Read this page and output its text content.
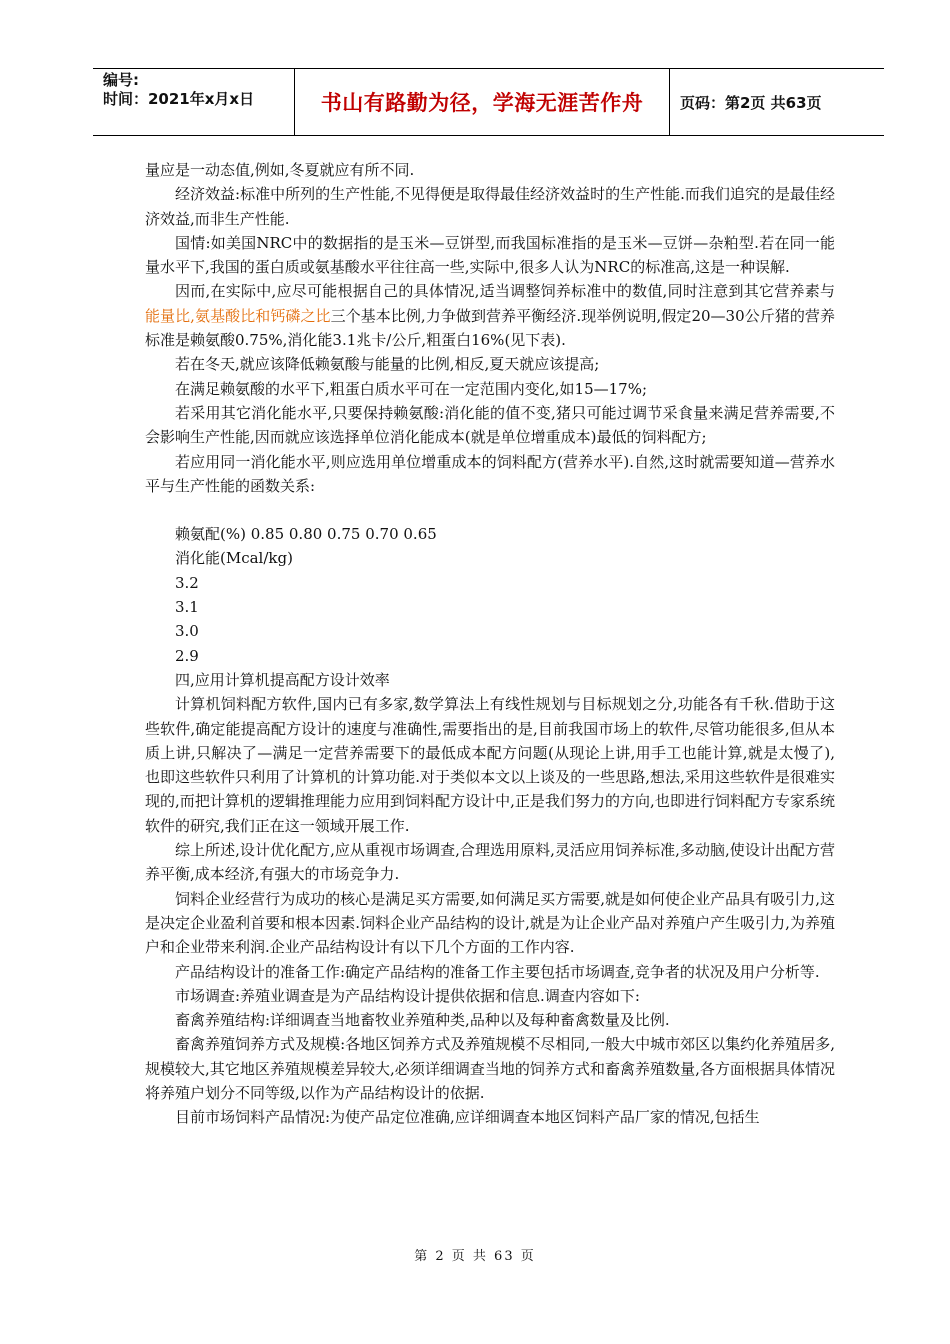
编号:
时间：2021年x月x日	书山有路勤为径，学海无涯苦作舟	页码：第2页 共63页

量应是一动态值,例如,冬夏就应有所不同.

经济效益:标准中所列的生产性能,不见得便是取得最佳经济效益时的生产性能.而我们追究的是最佳经济效益,而非生产性能.

国情:如美国NRC中的数据指的是玉米—豆饼型,而我国标准指的是玉米—豆饼—杂粕型.若在同一能量水平下,我国的蛋白质或氨基酸水平往往高一些,实际中,很多人认为NRC的标准高,这是一种误解.

因而,在实际中,应尽可能根据自己的具体情况,适当调整饲养标准中的数值,同时注意到其它营养素与能量比,氨基酸比和钙磷之比三个基本比例,力争做到营养平衡经济.现举例说明,假定20—30公斤猪的营养标准是赖氨酸0.75%,消化能3.1兆卡/公斤,粗蛋白16%(见下表).

若在冬天,就应该降低赖氨酸与能量的比例,相反,夏天就应该提高;

在满足赖氨酸的水平下,粗蛋白质水平可在一定范围内变化,如15—17%;

若采用其它消化能水平,只要保持赖氨酸:消化能的值不变,猪只可能过调节采食量来满足营养需要,不会影响生产性能,因而就应该选择单位消化能成本(就是单位增重成本)最低的饲料配方;

若应用同一消化能水平,则应选用单位增重成本的饲料配方(营养水平).自然,这时就需要知道—营养水平与生产性能的函数关系:

赖氨配(%) 0.85 0.80 0.75 0.70 0.65

消化能(Mcal/kg)

3.2

3.1

3.0

2.9

四,应用计算机提高配方设计效率

计算机饲料配方软件,国内已有多家,数学算法上有线性规划与目标规划之分,功能各有千秋.借助于这些软件,确定能提高配方设计的速度与准确性,需要指出的是,目前我国市场上的软件,尽管功能很多,但从本质上讲,只解决了—满足一定营养需要下的最低成本配方问题(从现论上讲,用手工也能计算,就是太慢了),也即这些软件只利用了计算机的计算功能.对于类似本文以上谈及的一些思路,想法,采用这些软件是很难实现的,而把计算机的逻辑推理能力应用到饲料配方设计中,正是我们努力的方向,也即进行饲料配方专家系统软件的研究,我们正在这一领域开展工作.

综上所述,设计优化配方,应从重视市场调查,合理选用原料,灵活应用饲养标准,多动脑,使设计出配方营养平衡,成本经济,有强大的市场竞争力.

饲料企业经营行为成功的核心是满足买方需要,如何满足买方需要,就是如何使企业产品具有吸引力,这是决定企业盈利首要和根本因素.饲料企业产品结构的设计,就是为让企业产品对养殖户产生吸引力,为养殖户和企业带来利润.企业产品结构设计有以下几个方面的工作内容.

产品结构设计的准备工作:确定产品结构的准备工作主要包括市场调查,竞争者的状况及用户分析等.

市场调查:养殖业调查是为产品结构设计提供依据和信息.调查内容如下:

畜禽养殖结构:详细调查当地畜牧业养殖种类,品种以及每种畜禽数量及比例.

畜禽养殖饲养方式及规模:各地区饲养方式及养殖规模不尽相同,一般大中城市郊区以集约化养殖居多,规模较大,其它地区养殖规模差异较大,必须详细调查当地的饲养方式和畜禽养殖数量,各方面根据具体情况将养殖户划分不同等级,以作为产品结构设计的依据.

目前市场饲料产品情况:为使产品定位准确,应详细调查本地区饲料产品厂家的情况,包括生

第 2 页 共 63 页
